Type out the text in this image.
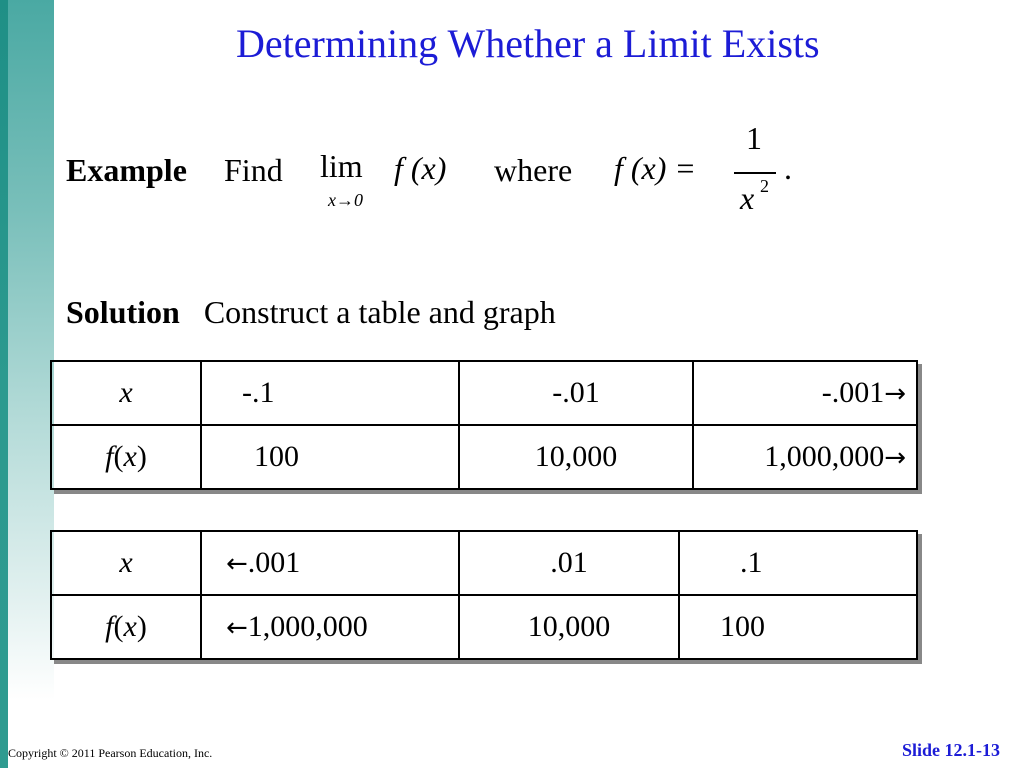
Determining Whether a Limit Exists
Example Find lim
x→0
f (x) where f (x) =
1
x 2 .
Solution Construct a table and graph
x	-.1	-.01	-.001→
f(x)	100	10,000	1,000,000→
x	←.001	.01	.1
f(x)	←1,000,000	10,000	100
Copyright © 2011 Pearson Education, Inc.	Slide 12.1-13
